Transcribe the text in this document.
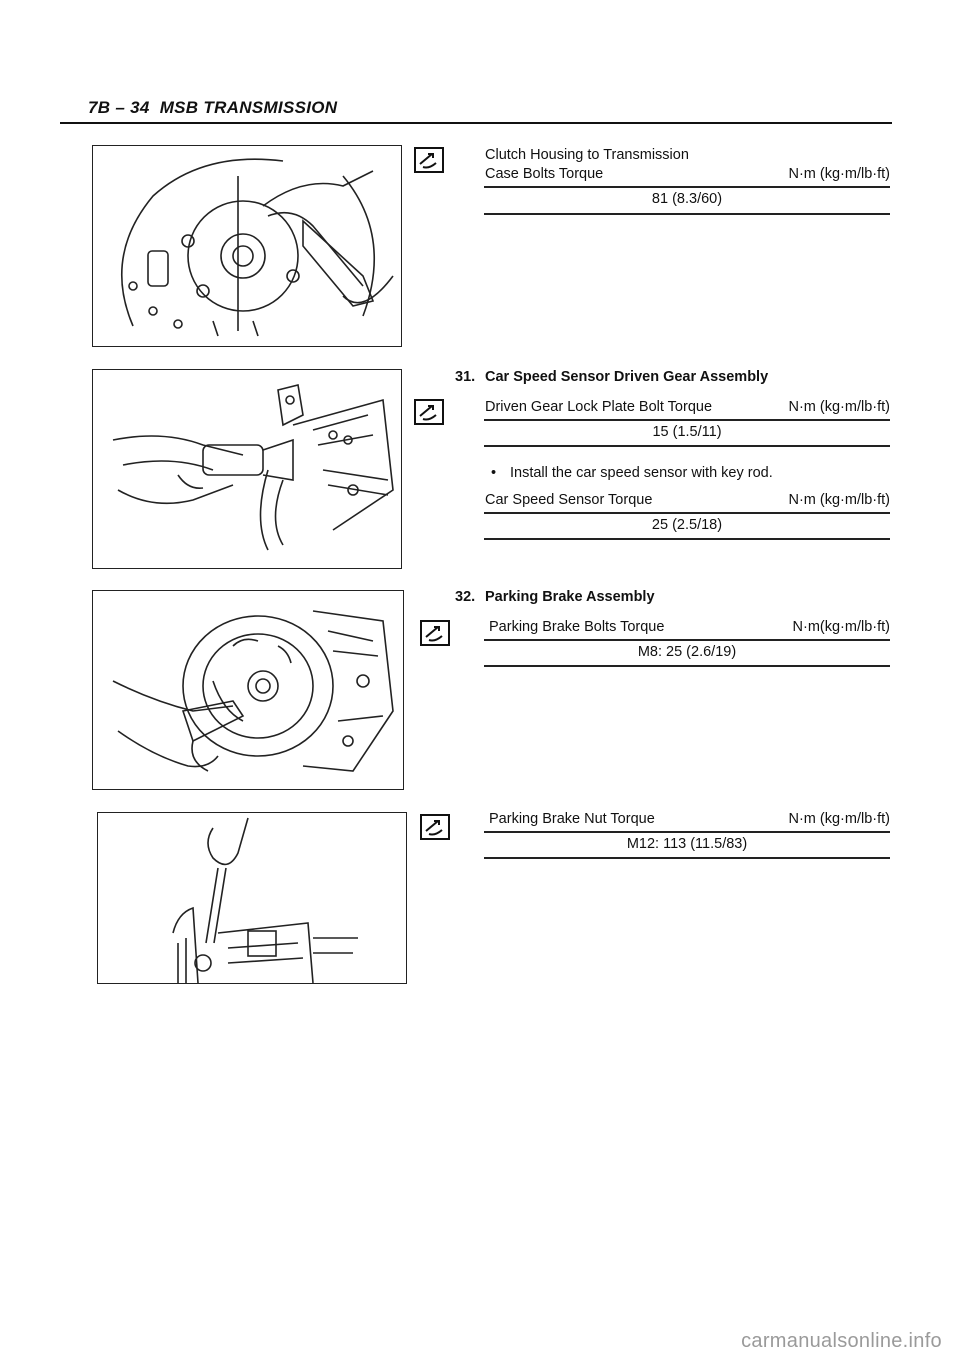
7B – 34 MSB TRANSMISSION
Clutch Housing to Transmission
Case Bolts Torque	N·m (kg·m/lb·ft)
81 (8.3/60)
31. Car Speed Sensor Driven Gear Assembly
Driven Gear Lock Plate Bolt Torque	N·m (kg·m/lb·ft)
15 (1.5/11)
• Install the car speed sensor with key rod.
Car Speed Sensor Torque	N·m (kg·m/lb·ft)
25 (2.5/18)
32. Parking Brake Assembly
Parking Brake Bolts Torque	N·m(kg·m/lb·ft)
M8: 25 (2.6/19)
Parking Brake Nut Torque	N·m (kg·m/lb·ft)
M12: 113 (11.5/83)
carmanualsonline.info
